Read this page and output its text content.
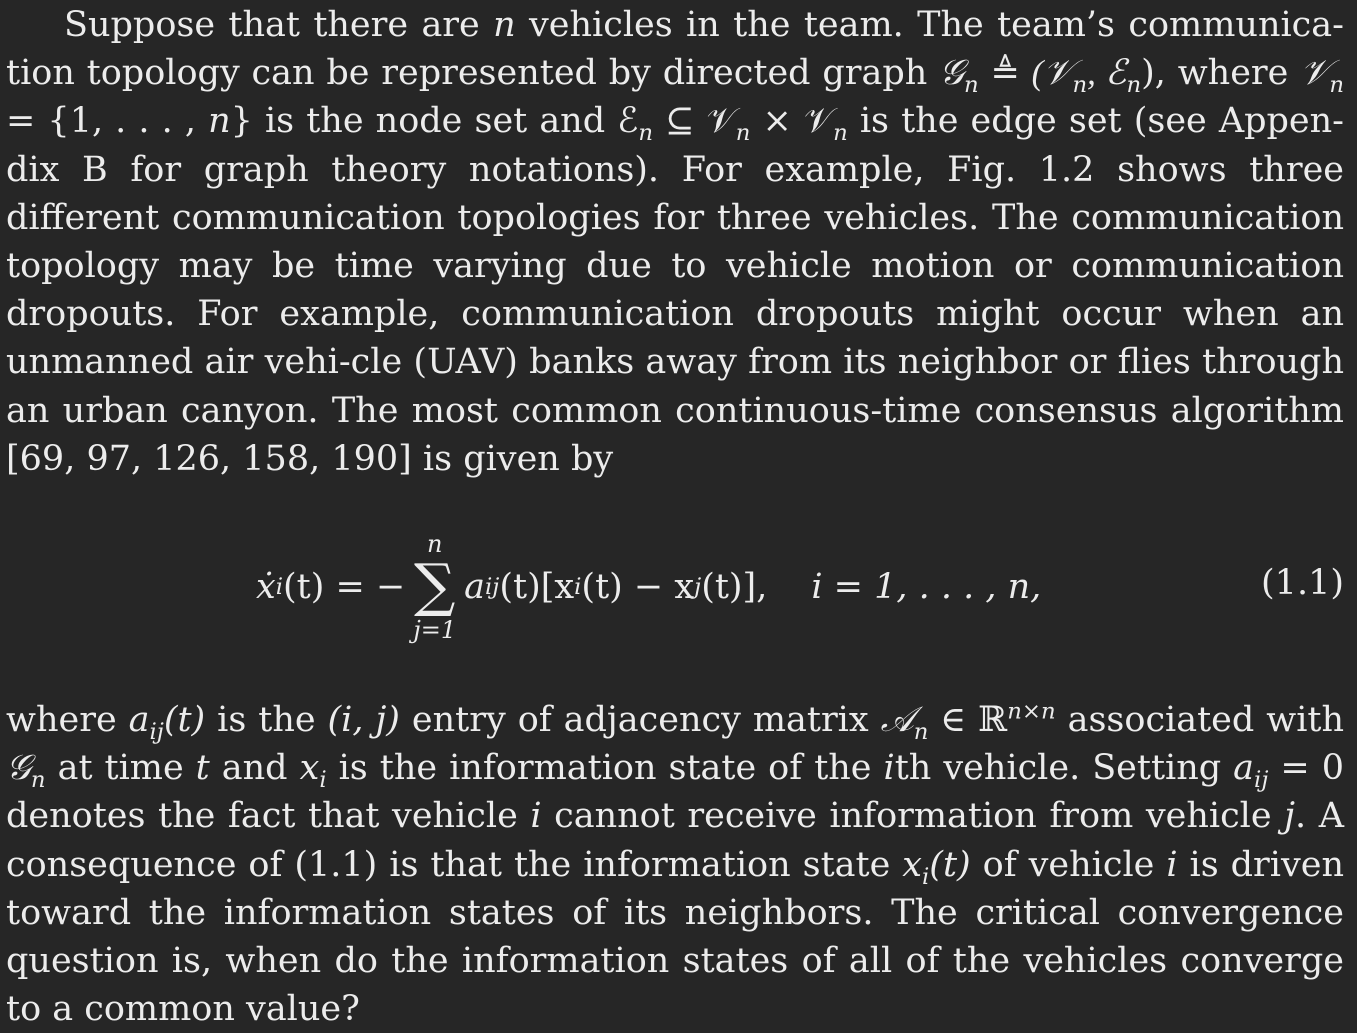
Suppose that there are n vehicles in the team. The team’s communica-tion topology can be represented by directed graph 𝒢$_n$ ≜ (𝒱$_n$, ℰ$_n$), where 𝒱$_n$ = {1, . . . , n} is the node set and ℰ$_n$ ⊆ 𝒱$_n$ × 𝒱$_n$ is the edge set (see Appen-dix B for graph theory notations). For example, Fig. 1.2 shows three different communication topologies for three vehicles. The communication topology may be time varying due to vehicle motion or communication dropouts. For example, communication dropouts might occur when an unmanned air vehi-cle (UAV) banks away from its neighbor or flies through an urban canyon. The most common continuous-time consensus algorithm [69, 97, 126, 158, 190] is given by

ẋ i (t) = −
n
∑
j=1
a ij (t)[x i (t) − x j (t)], i = 1, . . . , n,	(1.1)

where $a_{ij}(t)$ is the (i, j) entry of adjacency matrix 𝒜$_n$ ∈ ℝ$^{n\times n}$ associated with 𝒢$_n$ at time t and $x_i$ is the information state of the ith vehicle. Setting $a_{ij} = 0$ denotes the fact that vehicle i cannot receive information from vehicle j. A consequence of (1.1) is that the information state $x_i(t)$ of vehicle i is driven toward the information states of its neighbors. The critical convergence question is, when do the information states of all of the vehicles converge to a common value?
